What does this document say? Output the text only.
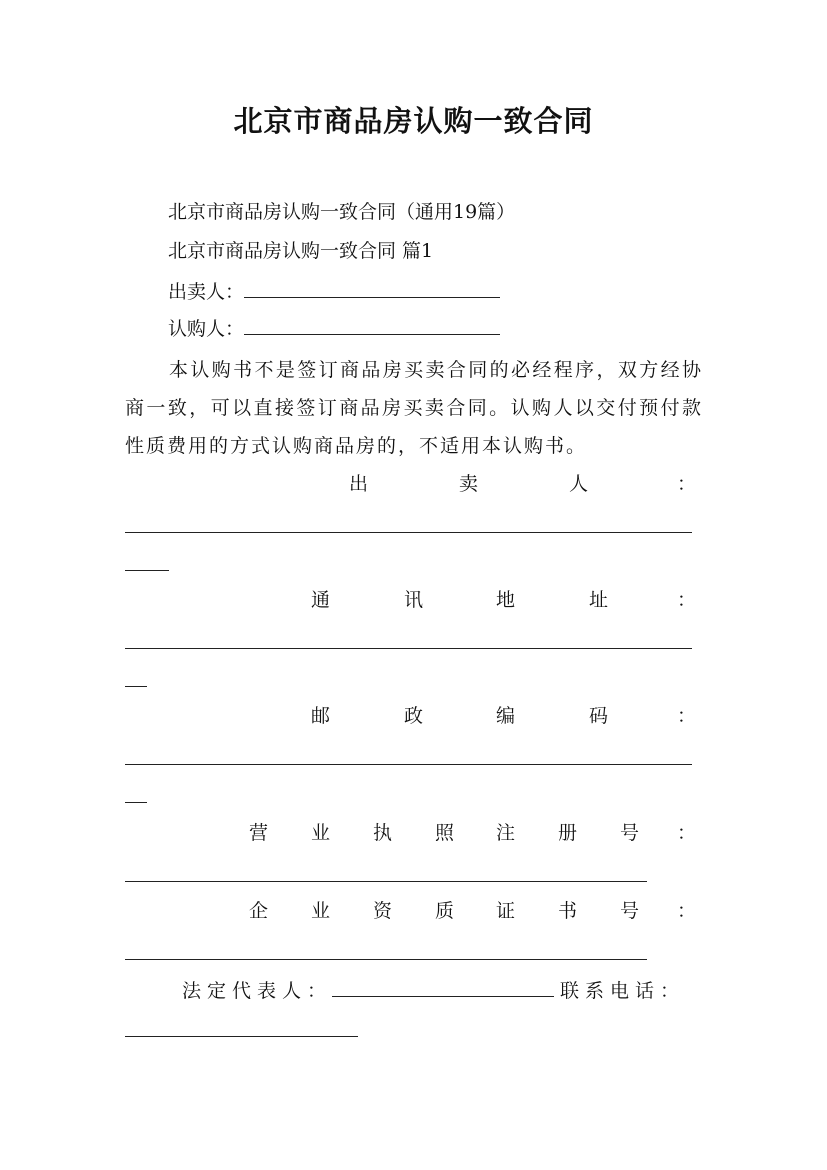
北京市商品房认购一致合同
北京市商品房认购一致合同（通用19篇）
北京市商品房认购一致合同 篇1
出卖人：
认购人：
本认购书不是签订商品房买卖合同的必经程序，双方经协商一致，可以直接签订商品房买卖合同。认购人以交付预付款性质费用的方式认购商品房的，不适用本认购书。
出	卖	人	：
通	讯	地	址	：
邮	政	编	码	：
营 业 执 照 注 册 号 ：
企 业 资 质 证 书 号 ：
法定代表人：	联系电话：
